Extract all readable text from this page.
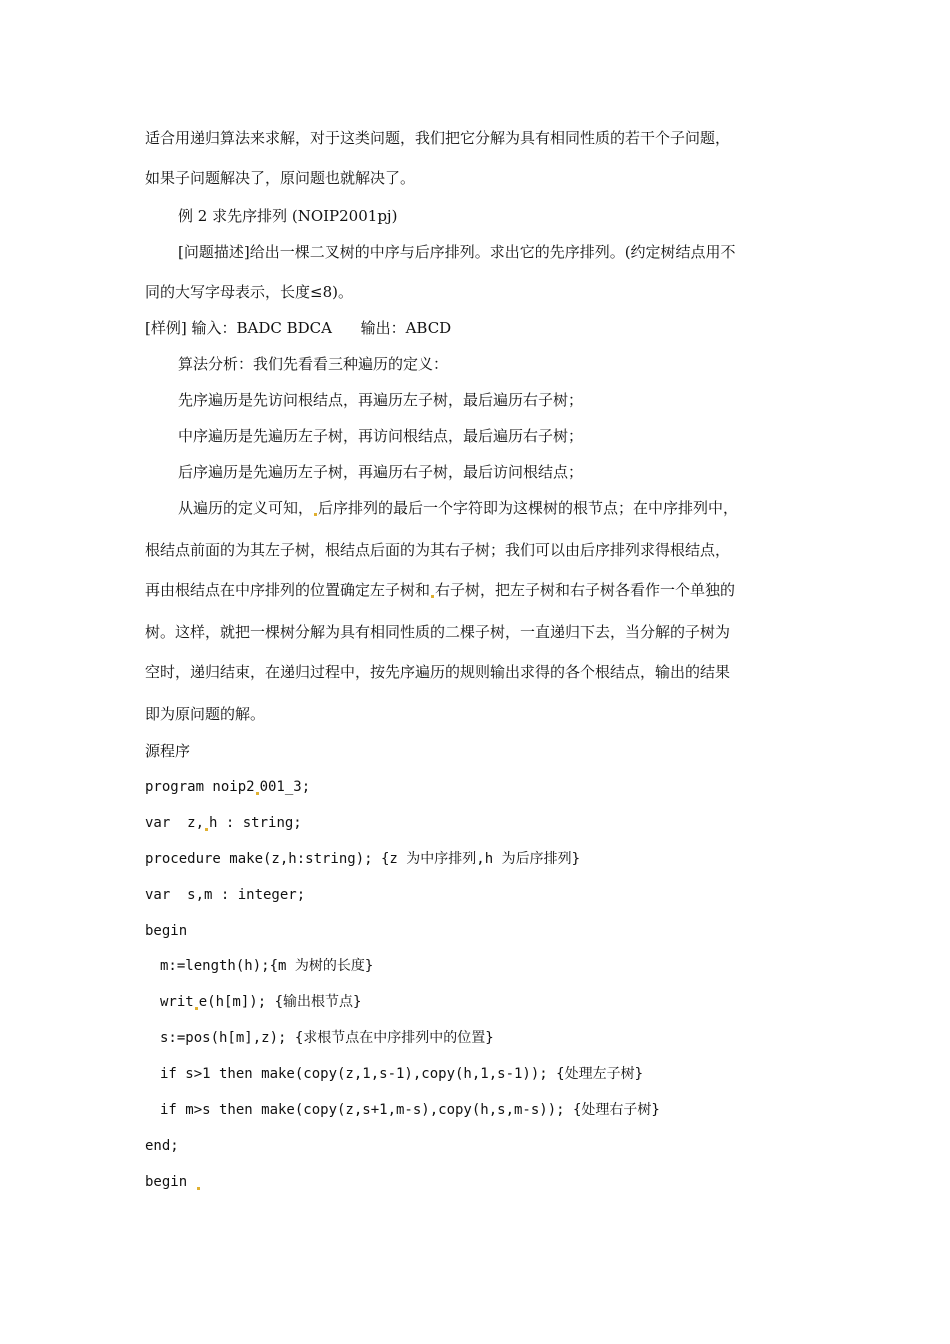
适合用递归算法来求解，对于这类问题，我们把它分解为具有相同性质的若干个子问题，
如果子问题解决了，原问题也就解决了。
例 2 求先序排列 (NOIP2001pj)
[问题描述]给出一棵二叉树的中序与后序排列。求出它的先序排列。(约定树结点用不
同的大写字母表示，长度≤8)。
[样例] 输入：BADC BDCA      输出：ABCD
算法分析：我们先看看三种遍历的定义：
先序遍历是先访问根结点，再遍历左子树，最后遍历右子树；
中序遍历是先遍历左子树，再访问根结点，最后遍历右子树；
后序遍历是先遍历左子树，再遍历右子树，最后访问根结点；
从遍历的定义可知， 后序排列的最后一个字符即为这棵树的根节点；在中序排列中，
根结点前面的为其左子树，根结点后面的为其右子树；我们可以由后序排列求得根结点，
再由根结点在中序排列的位置确定左子树和 右子树，把左子树和右子树各看作一个单独的
树。这样，就把一棵树分解为具有相同性质的二棵子树，一直递归下去，当分解的子树为
空时，递归结束，在递归过程中，按先序遍历的规则输出求得的各个根结点，输出的结果
即为原问题的解。
源程序
program noip2 001_3;
var  z, h : string;
procedure make(z,h:string); {z 为中序排列,h 为后序排列}
var  s,m : integer;
begin
m:=length(h);{m 为树的长度}
writ e(h[m]); {输出根节点}
s:=pos(h[m],z); {求根节点在中序排列中的位置}
if s>1 then make(copy(z,1,s-1),copy(h,1,s-1)); {处理左子树}
if m>s then make(copy(z,s+1,m-s),copy(h,s,m-s)); {处理右子树}
end;
begin
